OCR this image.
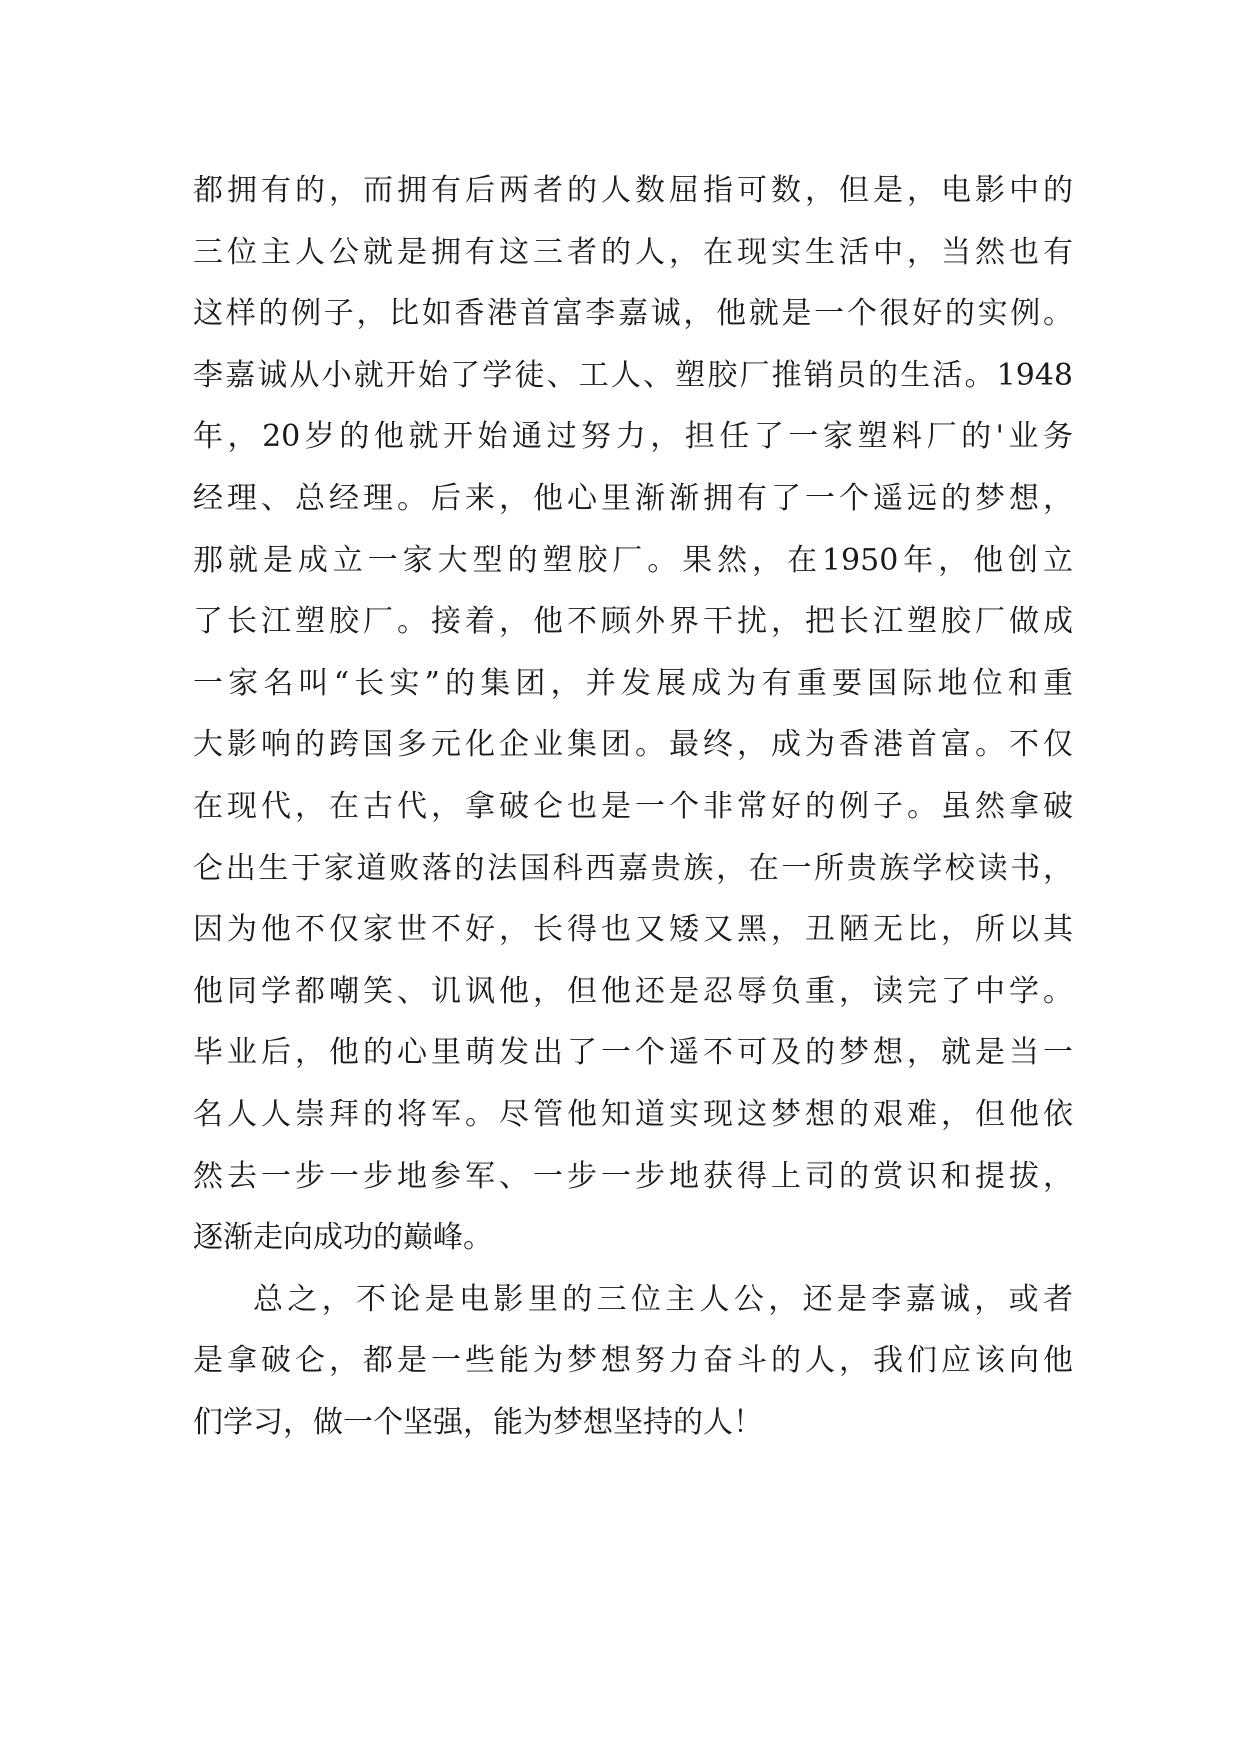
都拥有的，而拥有后两者的人数屈指可数，但是，电影中的
三位主人公就是拥有这三者的人，在现实生活中，当然也有
这样的例子，比如香港首富李嘉诚，他就是一个很好的实例。
李嘉诚从小就开始了学徒、工人、塑胶厂推销员的生活。1948
年，20岁的他就开始通过努力，担任了一家塑料厂的'业务
经理、总经理。后来，他心里渐渐拥有了一个遥远的梦想，
那就是成立一家大型的塑胶厂。果然，在1950年，他创立
了长江塑胶厂。接着，他不顾外界干扰，把长江塑胶厂做成
一家名叫“长实”的集团，并发展成为有重要国际地位和重
大影响的跨国多元化企业集团。最终，成为香港首富。不仅
在现代，在古代，拿破仑也是一个非常好的例子。虽然拿破
仑出生于家道败落的法国科西嘉贵族，在一所贵族学校读书，
因为他不仅家世不好，长得也又矮又黑，丑陋无比，所以其
他同学都嘲笑、讥讽他，但他还是忍辱负重，读完了中学。
毕业后，他的心里萌发出了一个遥不可及的梦想，就是当一
名人人崇拜的将军。尽管他知道实现这梦想的艰难，但他依
然去一步一步地参军、一步一步地获得上司的赏识和提拔，
逐渐走向成功的巅峰。
总之，不论是电影里的三位主人公，还是李嘉诚，或者
是拿破仑，都是一些能为梦想努力奋斗的人，我们应该向他
们学习，做一个坚强，能为梦想坚持的人！
